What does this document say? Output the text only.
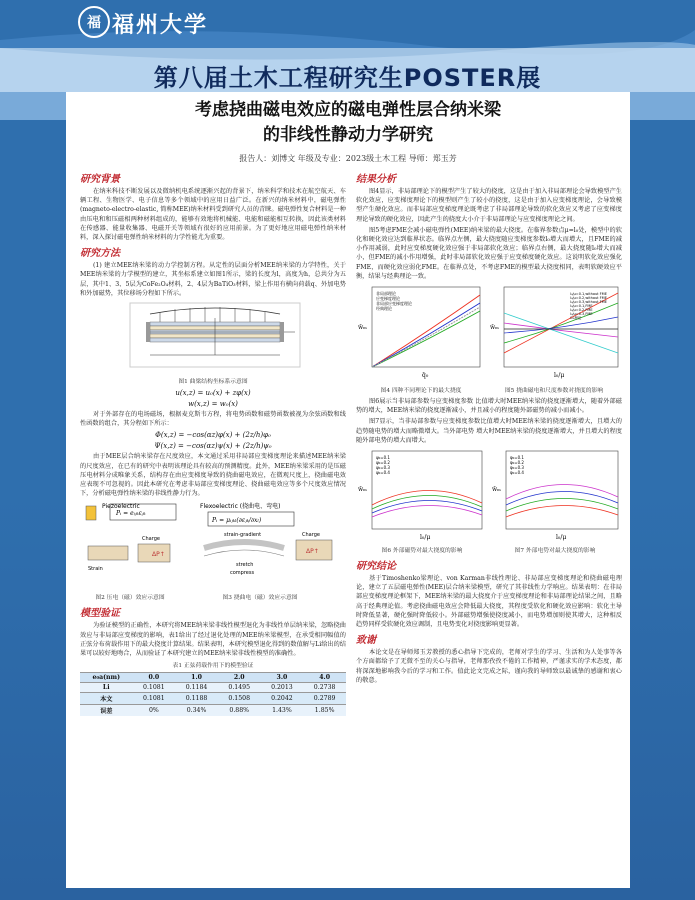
福 福州大学
第八届土木工程研究生POSTER展
考虑挠曲磁电效应的磁电弹性层合纳米梁
的非线性静动力学研究
报告人：刘博文 年级及专业：2023级土木工程 导师：郑玉芳
研究背景

在纳米科技不断发展以及微纳机电系统逐渐兴起的背景下，纳米科学和技术在航空航天、车辆工程、生物医学、电子信息等多个领域中的应用日益广泛。在新兴的纳米材料中，磁电弹性(magneto-electro-elastic, 简称MEE)纳米材料受到研究人员的青睐。磁电弹性复合材料是一种由压电和和压磁相两种材料组成的，能够有效地将机械能、电能和磁能相互转换，因此该类材料在传感器、能量收集器、电磁开关等领域有很好的应用前景。为了更好地应用磁电弹性纳米材料，深入探讨磁电弹性纳米材料的力学性能尤为重要。

研究方法

(1) 建立MEE纳米梁的动力学控制方程。从定性的层面分析MEE纳米梁的力学特性，关于MEE纳米梁的力学模型的建立，其坐标系建立如图1所示，梁的长度为l，高度为h，总共分为五层，其中1、3、5层为CoFe₂O₄材料，2、4层为BaTiO₃材料，梁上作用有横向荷载q、外加电势和外加磁势，其位移场分程如下所示。

图1 曲梁结构坐标系示意图
u(x,z) = u₀(x) + zφ(x)
w(x,z) = w₀(x)

对于外部存在的电场磁场，根据麦克斯韦方程，将电势函数和磁势函数被视为余弦函数和线性函数的组合，其分程如下所示：

Φ(x,z) = −cos(αz)φ(x) + (2z/h)φ₀
Ψ(x,z) = −cos(αz)ψ(x) + (2z/h)ψ₀

由于MEE层合纳米梁存在尺度效应，本文通过采用非局部应变梯度理论来描述MEE纳米梁的尺度效应，在已有的研究中表明该理论具有较高的预测精度。此外，MEE纳米梁采用的是压磁压电材料分成唯象关系，结构存在由应变梯度导致的挠曲磁电效应，在微观尺度上，挠曲磁电效应表现不可忽视的。因此本研究在考虑非局部应变梯度理论、挠曲磁电效应等多个尺度效应情况下，分析磁电弹性纳米梁的非线性静力行为。

Piezoelectric
Pᵢ = eᵢⱼₖεⱼₖ
ΔP↑
Strain
Charge
Flexoelectric (挠曲电、弯电)
Pᵢ = μᵢⱼₖₗ(∂εⱼₖ/∂xₗ)
ΔP↑
strain-gradient
stretch
compress
Charge
图2 压电（磁）效应示意图	图3 挠曲电（磁）效应示意图
模型验证

为验证模型的正确性，本研究将MEE纳米梁非线性模型退化为非线性单层纳米梁，忽略挠曲效应与非局部应变梯度的影响，表1给出了经过退化处理的MEE纳米梁模型，在承受相同幅值的正弦分布荷载作用下的最大挠度计算结果。结果表明，本研究模型退化得到的数值解与Li给出的结果可以较好地吻合，从而验证了本研究建立的MEE纳米梁非线性模型的准确性。

表1 正弦荷载作用下的模型验证
e₀a(nm)	0.0	1.0	2.0	3.0	4.0
Li	0.1081	0.1184	0.1495	0.2013	0.2738
本文	0.1081	0.1188	0.1508	0.2042	0.2789
误差	0%	0.34%	0.88%	1.43%	1.85%
结果分析

图4显示，非局部理论下的模型产生了较大的挠度，这是由于加入非局部理论会导致模型产生软化效应，应变梯度理论下的模型则产生了较小的挠度，这是由于加入应变梯度理论，会导致模型产生硬化效应。而非局部应变梯度理论既考虑了非局部理论导致的软化效应又考虑了应变梯度理论导致的硬化效应，因此产生的挠度大小介于非局部理论与应变梯度理论之间。

图5考虑FME会减小磁电弹性(MEE)纳米梁的最大挠度。在临界参数点μ=l₀处，模型中的软化和硬化效应达到临界状态。临界点左侧，最大挠度随应变梯度参数l₀增大而增大，且FME的减小作用减弱，此时应变梯度硬化效应强于非局部软化效应；临界点右侧，最大挠度随l₀增大而减小，但FME的减小作用增强，此时非局部软化效应强于应变梯度硬化效应。这说明软化效应强化FME，而硬化效应弱化FME。在临界点处，不考虑FME的模型最大挠度相同，表明软硬效应平衡，结果与经典理论一致。

非局部理论
应变梯度理论
非局部应变梯度理论
经典理论
q̄₀
w̄ₘ
l₀/μ=0.1,without FME
l₀/μ=0.2,without FME
l₀/μ=0.3,without FME
l₀/μ=0.1,FME
l₀/μ=0.2,FME
l₀/μ=0.3,FME
CL理论
l₀/μ
w̄ₘ
图4 四种不同理论下的最大挠度	图5 挠曲磁电和尺度参数对挠度的影响

图6展示当非局部参数与应变梯度参数 比值增大时MEE纳米梁的挠度逐渐增大，随着外部磁势的增大，MEE纳米梁的挠度逐渐减小，并且减小的程度随外部磁势的减小而减小。

图7显示，当非局部参数与应变梯度参数比值增大时MEE纳米梁的挠度逐渐增大，且增大的趋势随电势的增大而略微增大。当外部电势 增大时MEE纳米梁的挠度逐渐增大，并且增大的程度随外部电势的增大而增大。

ψ₀=0.1
ψ₀=0.2
ψ₀=0.3
ψ₀=0.4
l₀/μ
w̄ₘ
φ₀=0.1
φ₀=0.2
φ₀=0.3
φ₀=0.4
l₀/μ
w̄ₘ
图6 外部磁势对最大挠度的影响	图7 外部电势对最大挠度的影响
研究结论

基于Timoshenko梁理论、von Karman非线性理论、非局部应变梯度理论和挠曲磁电理论，建立了五层磁电弹性(MEE)层合纳米梁模型，研究了其非线性力学响应。结果表明：在非局部应变梯度理论框架下，MEE纳米梁的最大挠度介于应变梯度理论和非局部理论结果之间，且略高于经典理论值。考虑挠曲磁电效应会降低最大挠度，其程度受软化和硬化效应影响：软化主导时降低显著，硬化强时降低较小。外部磁势增强使挠度减小，而电势增加则使其增大，这种相反趋势同样受软硬化效应调制，且电势变化对挠度影响更显著。

致谢

本论文是在导师郑玉芳教授的悉心指导下完成的，老师对学生的学习、生活和为人处事等各个方面都给予了无微不至的关心与指导，老师那孜孜不倦的工作精神，严谨求实的学术态度，都将深深地影响我今后的学习和工作。值此论文完成之际，谨向我的导师致以最诚挚的感谢和衷心的敬意。
